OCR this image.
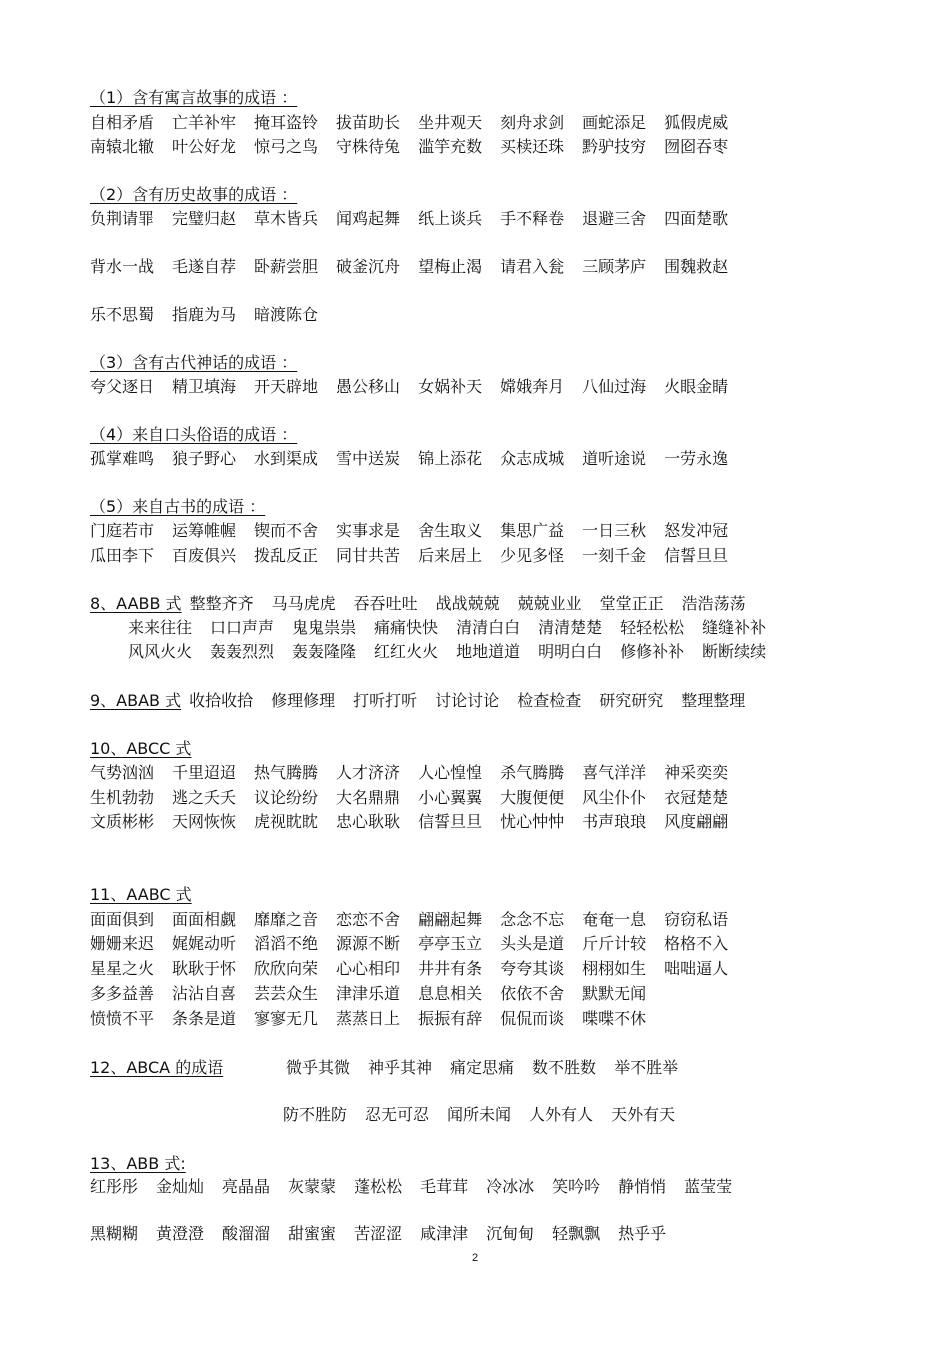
（1）含有寓言故事的成语 ：
自相矛盾 亡羊补牢 掩耳盗铃 拔苗助长 坐井观天 刻舟求剑 画蛇添足 狐假虎威
南辕北辙 叶公好龙 惊弓之鸟 守株待兔 滥竽充数 买椟还珠 黔驴技穷 囫囵吞枣
（2）含有历史故事的成语 ：
负荆请罪 完璧归赵 草木皆兵 闻鸡起舞 纸上谈兵 手不释卷 退避三舍 四面楚歌
背水一战 毛遂自荐 卧薪尝胆 破釜沉舟 望梅止渴 请君入瓮 三顾茅庐 围魏救赵
乐不思蜀 指鹿为马 暗渡陈仓
（3）含有古代神话的成语 ：
夸父逐日 精卫填海 开天辟地 愚公移山 女娲补天 嫦娥奔月 八仙过海 火眼金睛
（4）来自口头俗语的成语 ：
孤掌难鸣 狼子野心 水到渠成 雪中送炭 锦上添花 众志成城 道听途说 一劳永逸
（5）来自古书的成语 ：
门庭若市 运筹帷幄 锲而不舍 实事求是 舍生取义 集思广益 一日三秋 怒发冲冠
瓜田李下 百废俱兴 拨乱反正 同甘共苦 后来居上 少见多怪 一刻千金 信誓旦旦
8、AABB 式 整整齐齐 马马虎虎 吞吞吐吐 战战兢兢 兢兢业业 堂堂正正 浩浩荡荡
来来往往 口口声声 鬼鬼祟祟 痛痛快快 清清白白 清清楚楚 轻轻松松 缝缝补补
风风火火 轰轰烈烈 轰轰隆隆 红红火火 地地道道 明明白白 修修补补 断断续续
9、ABAB 式 收拾收拾 修理修理 打听打听 讨论讨论 检查检查 研究研究 整理整理
10、ABCC 式
气势汹汹 千里迢迢 热气腾腾 人才济济 人心惶惶 杀气腾腾 喜气洋洋 神采奕奕
生机勃勃 逃之夭夭 议论纷纷 大名鼎鼎 小心翼翼 大腹便便 风尘仆仆 衣冠楚楚
文质彬彬 天网恢恢 虎视眈眈 忠心耿耿 信誓旦旦 忧心忡忡 书声琅琅 风度翩翩
11、AABC 式
面面俱到 面面相觑 靡靡之音 恋恋不舍 翩翩起舞 念念不忘 奄奄一息 窃窃私语
姗姗来迟 娓娓动听 滔滔不绝 源源不断 亭亭玉立 头头是道 斤斤计较 格格不入
星星之火 耿耿于怀 欣欣向荣 心心相印 井井有条 夸夸其谈 栩栩如生 咄咄逼人
多多益善 沾沾自喜 芸芸众生 津津乐道 息息相关 依依不舍 默默无闻
愤愤不平 条条是道 寥寥无几 蒸蒸日上 振振有辞 侃侃而谈 喋喋不休
12、ABCA 的成语	微乎其微 神乎其神 痛定思痛 数不胜数 举不胜举
防不胜防 忍无可忍 闻所未闻 人外有人 天外有天
13、ABB 式:
红彤彤 金灿灿 亮晶晶 灰蒙蒙 蓬松松 毛茸茸 冷冰冰 笑吟吟 静悄悄 蓝莹莹
黑糊糊 黄澄澄 酸溜溜 甜蜜蜜 苦涩涩 咸津津 沉甸甸 轻飘飘 热乎乎
2
